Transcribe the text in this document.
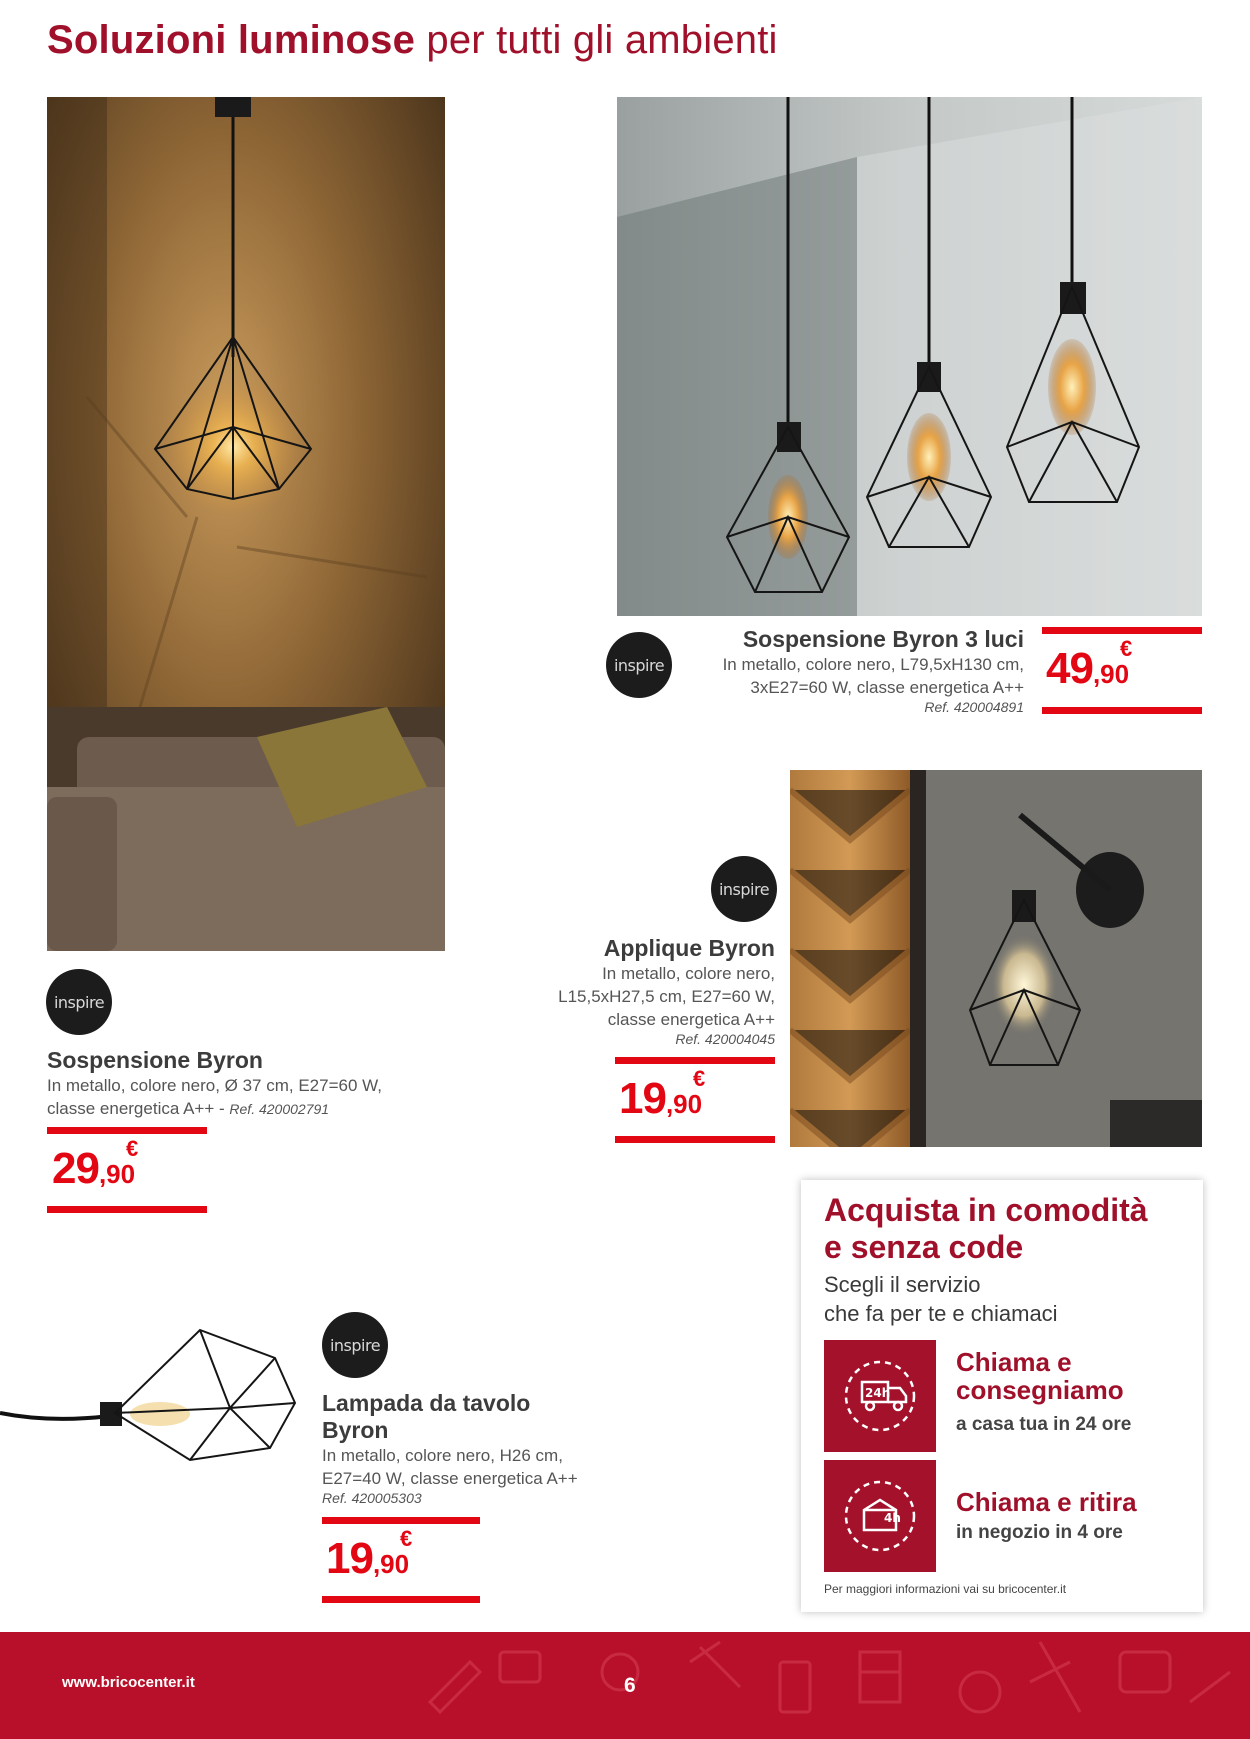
Soluzioni luminose per tutti gli ambienti
inspire
inspire
inspire
inspire
Sospensione Byron
In metallo, colore nero, Ø 37 cm, E27=60 W,
classe energetica A++ - Ref. 420002791
29 €
,90
Sospensione Byron 3 luci
In metallo, colore nero, L79,5xH130 cm,
3xE27=60 W, classe energetica A++
Ref. 420004891
49 €
,90
Applique Byron
In metallo, colore nero,
L15,5xH27,5 cm, E27=60 W,
classe energetica A++
Ref. 420004045
19 €
,90
Lampada da tavolo
Byron
In metallo, colore nero, H26 cm,
E27=40 W, classe energetica A++
Ref. 420005303
19 €
,90
Acquista in comodità
e senza code
Scegli il servizio
che fa per te e chiamaci
24h
Chiama e
consegniamo
a casa tua in 24 ore
4h
Chiama e ritira
in negozio in 4 ore
Per maggiori informazioni vai su bricocenter.it
www.bricocenter.it	6
